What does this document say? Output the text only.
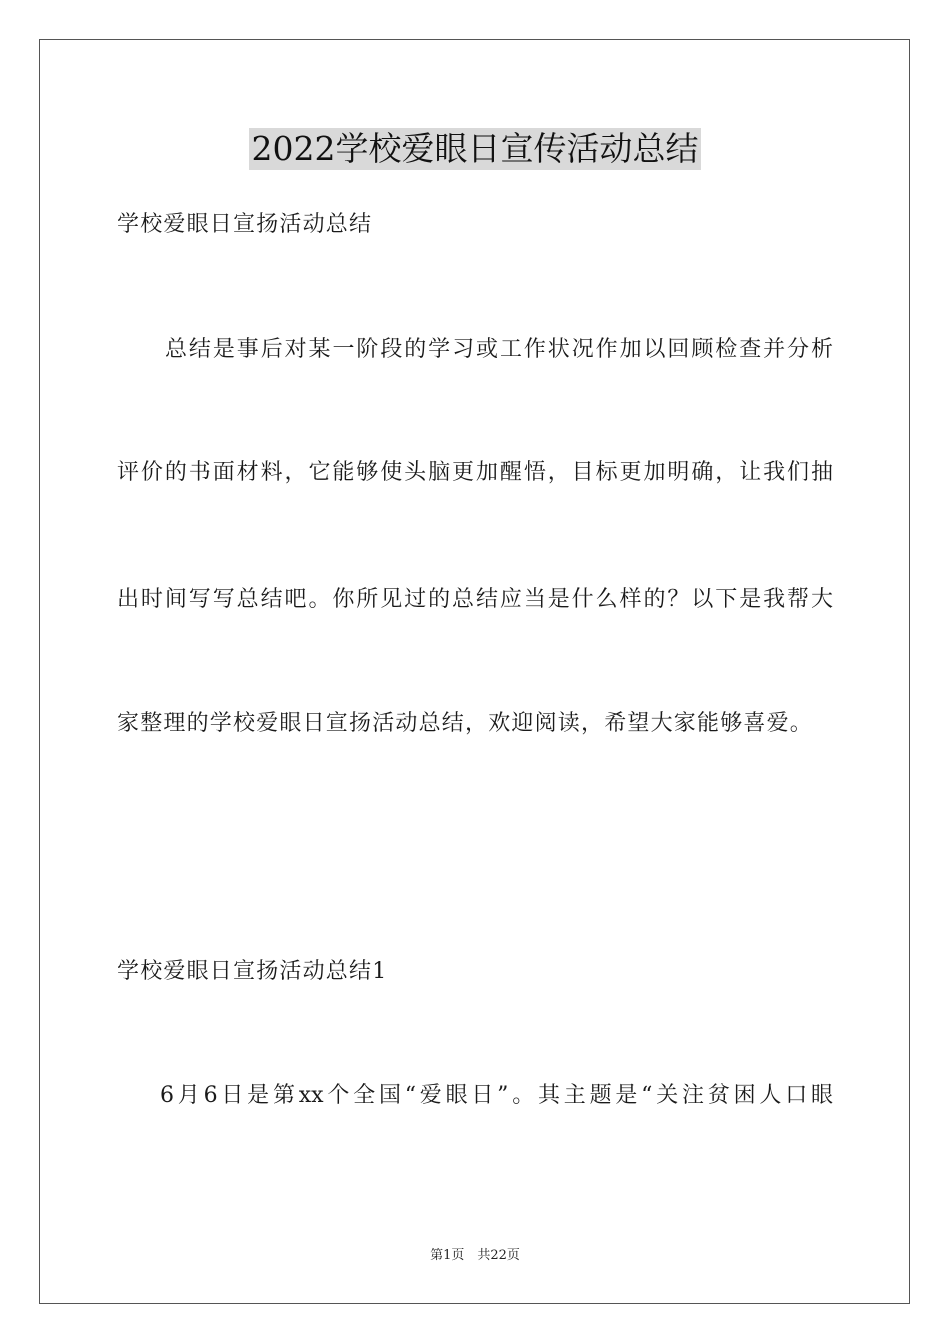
2022学校爱眼日宣传活动总结
学校爱眼日宣扬活动总结
总结是事后对某一阶段的学习或工作状况作加以回顾检查并分析
评价的书面材料，它能够使头脑更加醒悟，目标更加明确，让我们抽
出时间写写总结吧。你所见过的总结应当是什么样的？以下是我帮大
家整理的学校爱眼日宣扬活动总结，欢迎阅读，希望大家能够喜爱。
学校爱眼日宣扬活动总结1
6月6日是第xx个全国“爱眼日”。其主题是“关注贫困人口眼
第1页　共22页
